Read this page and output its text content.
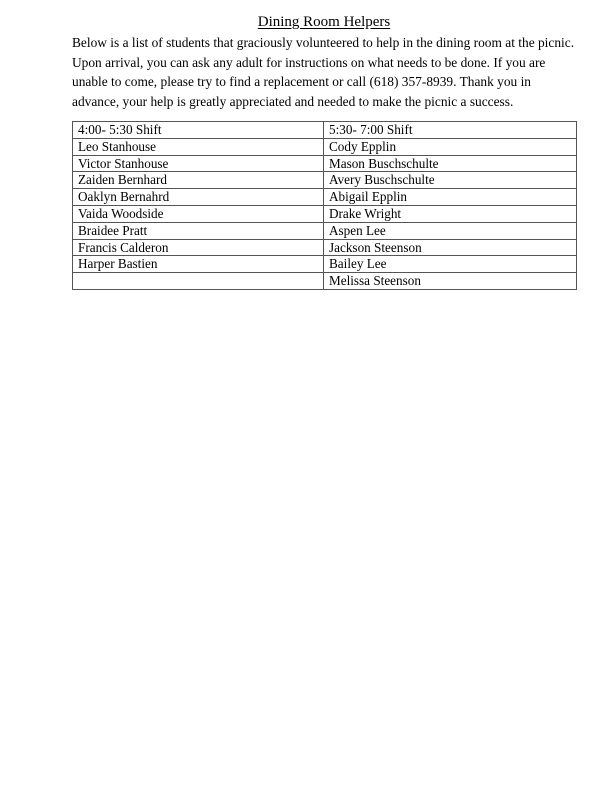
Dining Room Helpers

Below is a list of students that graciously volunteered to help in the dining room at the picnic. Upon arrival, you can ask any adult for instructions on what needs to be done. If you are unable to come, please try to find a replacement or call (618) 357-8939. Thank you in advance, your help is greatly appreciated and needed to make the picnic a success.

4:00- 5:30 Shift	5:30- 7:00 Shift
Leo Stanhouse	Cody Epplin
Victor Stanhouse	Mason Buschschulte
Zaiden Bernhard	Avery Buschschulte
Oaklyn Bernahrd	Abigail Epplin
Vaida Woodside	Drake Wright
Braidee Pratt	Aspen Lee
Francis Calderon	Jackson Steenson
Harper Bastien	Bailey Lee
	Melissa Steenson
